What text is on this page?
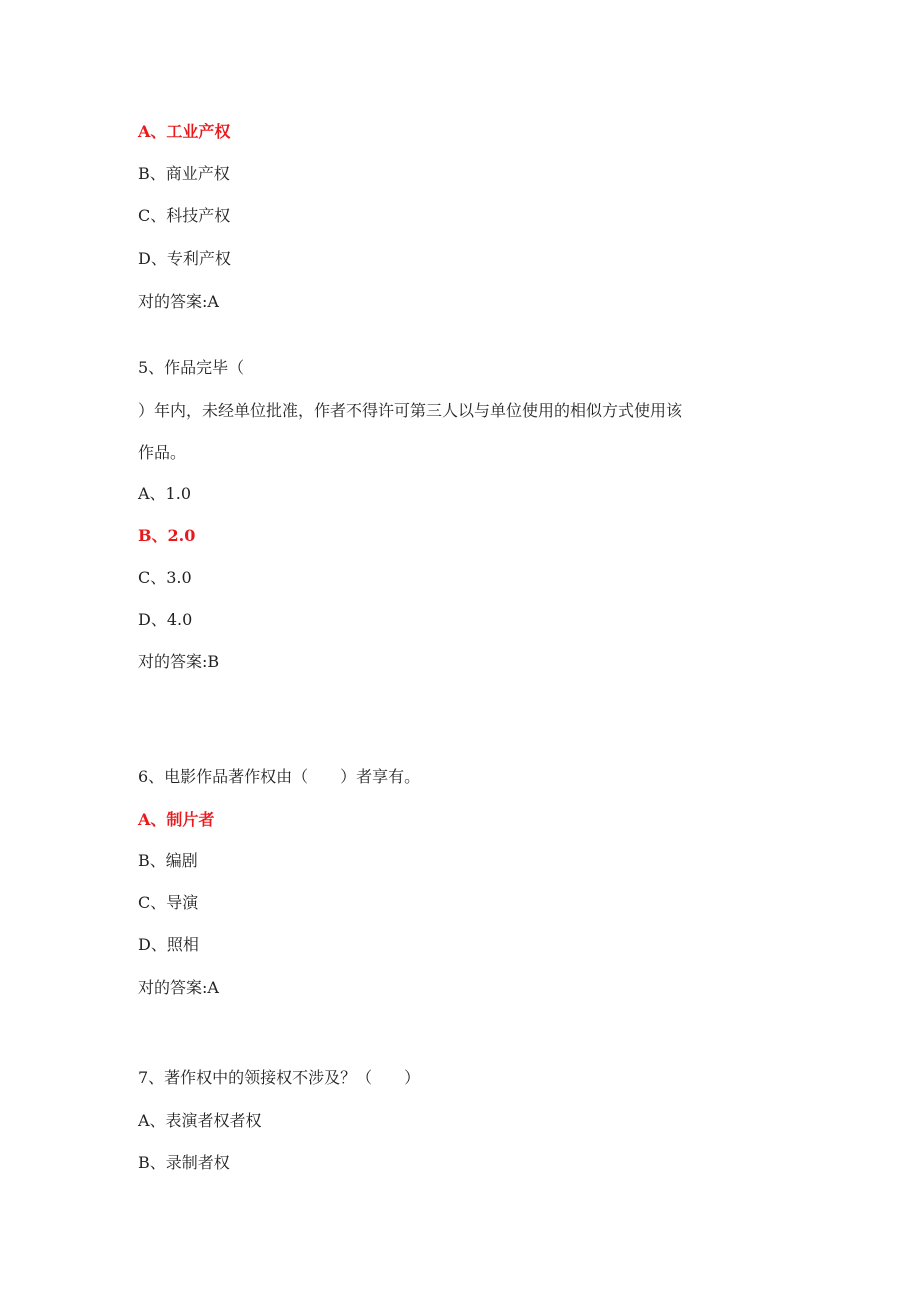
A、工业产权
B、商业产权
C、科技产权
D、专利产权
对的答案:A
5、作品完毕（
）年内，未经单位批准，作者不得许可第三人以与单位使用的相似方式使用该
作品。
A、1.0
B、2.0
C、3.0
D、4.0
对的答案:B
6、电影作品著作权由（　　）者享有。
A、制片者
B、编剧
C、导演
D、照相
对的答案:A
7、著作权中的领接权不涉及？（　　）
A、表演者权者权
B、录制者权
